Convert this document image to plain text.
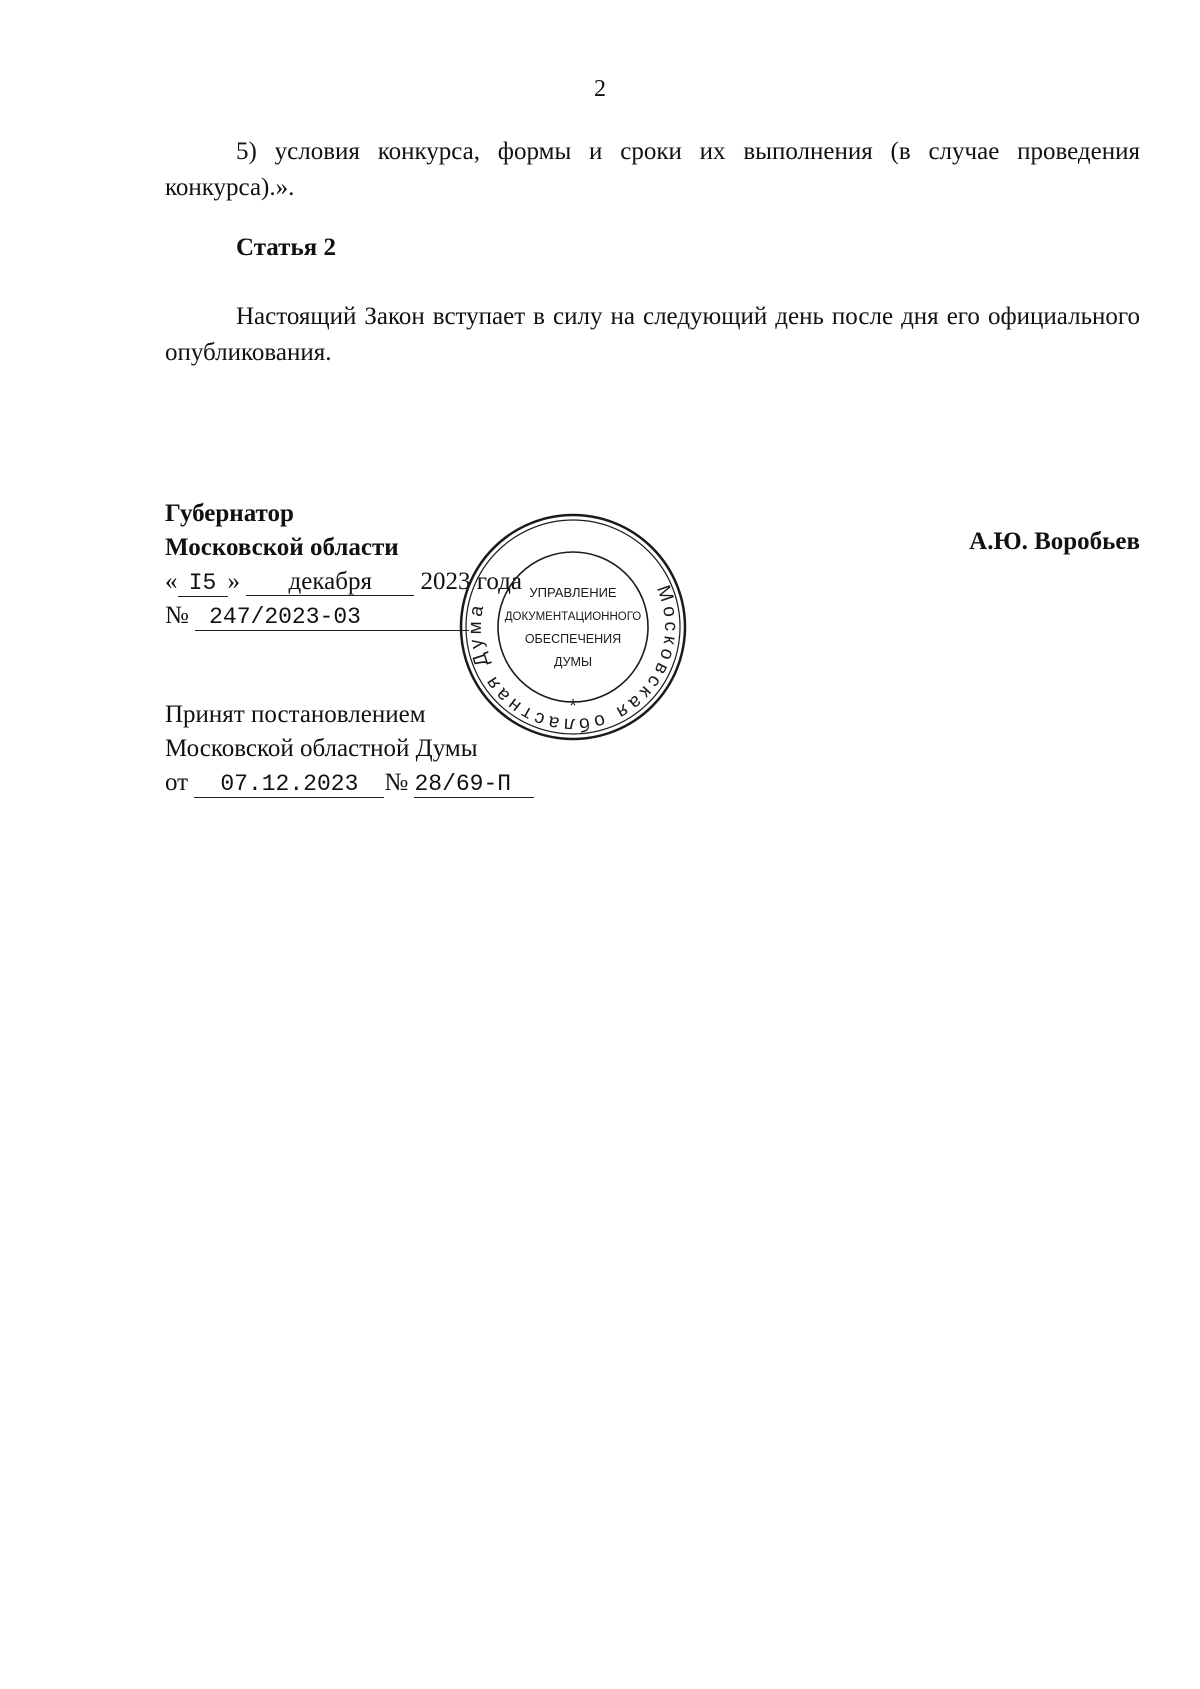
2

5) условия конкурса, формы и сроки их выполнения (в случае проведения конкурса).».

Статья 2

Настоящий Закон вступает в силу на следующий день после дня его официального опубликования.

Губернатор
Московской области
« I5 » декабря 2023 года
№ 247/2023-03
А.Ю. Воробьев
Принят постановлением
Московской областной Думы
от 07.12.2023 № 28/69-П
Московская областная Дума
*
УПРАВЛЕНИЕ
ДОКУМЕНТАЦИОННОГО
ОБЕСПЕЧЕНИЯ
ДУМЫ
